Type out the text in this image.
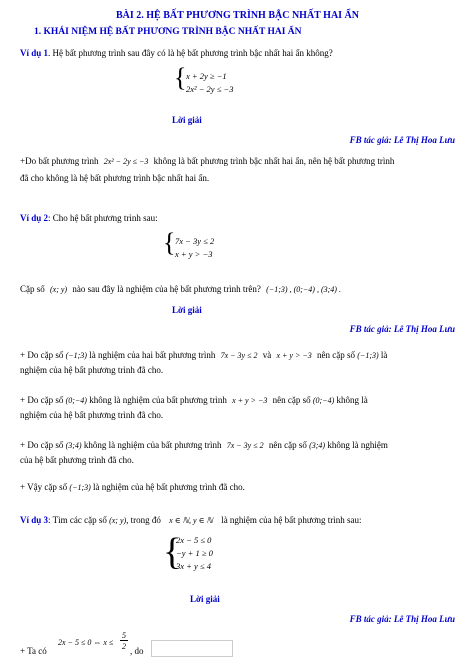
BÀI 2. HỆ BẤT PHƯƠNG TRÌNH BẬC NHẤT HAI ẨN
1. KHÁI NIỆM HỆ BẤT PHƯƠNG TRÌNH BẬC NHẤT HAI ẨN
Ví dụ 1. Hệ bất phương trình sau đây có là hệ bất phương trình bậc nhất hai ẩn không?
{ x + 2y ≥ −1
2x² − 2y ≤ −3
Lời giải
FB tác giả: Lê Thị Hoa Lưu
+Do bất phương trình 2x² − 2y ≤ −3 không là bất phương trình bậc nhất hai ẩn, nên hệ bất phương trình
đã cho không là hệ bất phương trình bậc nhất hai ẩn.
Ví dụ 2: Cho hệ bất phương trình sau:
{ 7x − 3y ≤ 2
x + y > −3
Cặp số (x; y) nào sau đây là nghiệm của hệ bất phương trình trên? (−1;3) , (0;−4) , (3;4) .
Lời giải
FB tác giả: Lê Thị Hoa Lưu
+ Do cặp số (−1;3) là nghiệm của hai bất phương trình 7x − 3y ≤ 2 và x + y > −3 nên cặp số (−1;3) là
nghiệm của hệ bất phương trình đã cho.
+ Do cặp số (0;−4) không là nghiệm của bất phương trình x + y > −3 nên cặp số (0;−4) không là
nghiệm của hệ bất phương trình đã cho.
+ Do cặp số (3;4) không là nghiệm của bất phương trình 7x − 3y ≤ 2 nên cặp số (3;4) không là nghiệm
của hệ bất phương trình đã cho.
+ Vậy cặp số (−1;3) là nghiệm của hệ bất phương trình đã cho.
Ví dụ 3: Tìm các cặp số (x; y), trong đó x ∈ ℕ, y ∈ ℕ là nghiệm của hệ bất phương trình sau:
{
2x − 5 ≤ 0
−y + 1 ≥ 0
3x + y ≤ 4
Lời giải
FB tác giả: Lê Thị Hoa Lưu
+ Ta có
2x − 5 ≤ 0 ⇔ x ≤
5
2 , do
